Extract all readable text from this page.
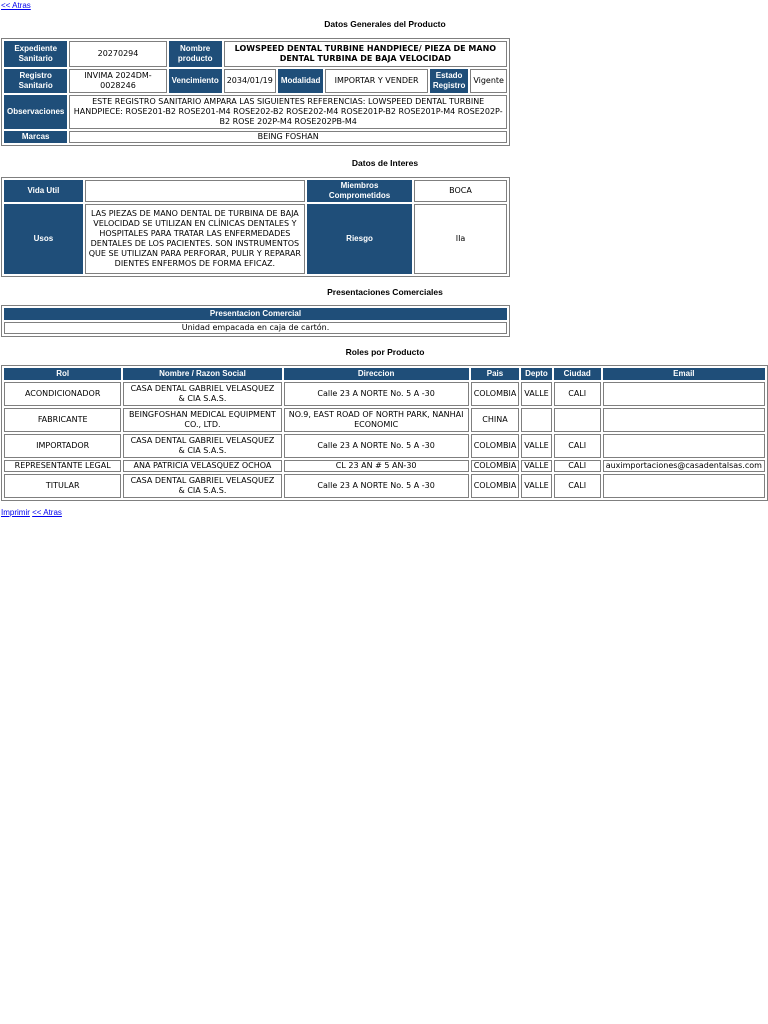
<< Atras
Datos Generales del Producto
Expediente Sanitario	20270294	Nombre producto	LOWSPEED DENTAL TURBINE HANDPIECE/ PIEZA DE MANO DENTAL TURBINA DE BAJA VELOCIDAD				
Registro Sanitario	INVIMA 2024DM-0028246	Vencimiento	2034/01/19	Modalidad	IMPORTAR Y VENDER	Estado Registro	Vigente
Observaciones	ESTE REGISTRO SANITARIO AMPARA LAS SIGUIENTES REFERENCIAS: LOWSPEED DENTAL TURBINE HANDPIECE: ROSE201-B2 ROSE201-M4 ROSE202-B2 ROSE202-M4 ROSE201P-B2 ROSE201P-M4 ROSE202P-B2 ROSE 202P-M4 ROSE202PB-M4						
Marcas	BEING FOSHAN						
Datos de Interes
Vida Util		Miembros Comprometidos	BOCA
Usos	LAS PIEZAS DE MANO DENTAL DE TURBINA DE BAJA VELOCIDAD SE UTILIZAN EN CLÍNICAS DENTALES Y HOSPITALES PARA TRATAR LAS ENFERMEDADES DENTALES DE LOS PACIENTES. SON INSTRUMENTOS QUE SE UTILIZAN PARA PERFORAR, PULIR Y REPARAR DIENTES ENFERMOS DE FORMA EFICAZ.	Riesgo	IIa
Presentaciones Comerciales
Presentacion Comercial
Unidad empacada en caja de cartón.
Roles por Producto
Rol	Nombre / Razon Social	Direccion	Pais	Depto	Ciudad	Email
ACONDICIONADOR	CASA DENTAL GABRIEL VELASQUEZ & CIA S.A.S.	Calle 23 A NORTE No. 5 A -30	COLOMBIA	VALLE	CALI	
FABRICANTE	BEINGFOSHAN MEDICAL EQUIPMENT CO., LTD.	NO.9, EAST ROAD OF NORTH PARK, NANHAI ECONOMIC	CHINA			
IMPORTADOR	CASA DENTAL GABRIEL VELASQUEZ & CIA S.A.S.	Calle 23 A NORTE No. 5 A -30	COLOMBIA	VALLE	CALI	
REPRESENTANTE LEGAL	ANA PATRICIA VELASQUEZ OCHOA	CL 23 AN # 5 AN-30	COLOMBIA	VALLE	CALI	auximportaciones@casadentalsas.com
TITULAR	CASA DENTAL GABRIEL VELASQUEZ & CIA S.A.S.	Calle 23 A NORTE No. 5 A -30	COLOMBIA	VALLE	CALI	
Imprimir << Atras
